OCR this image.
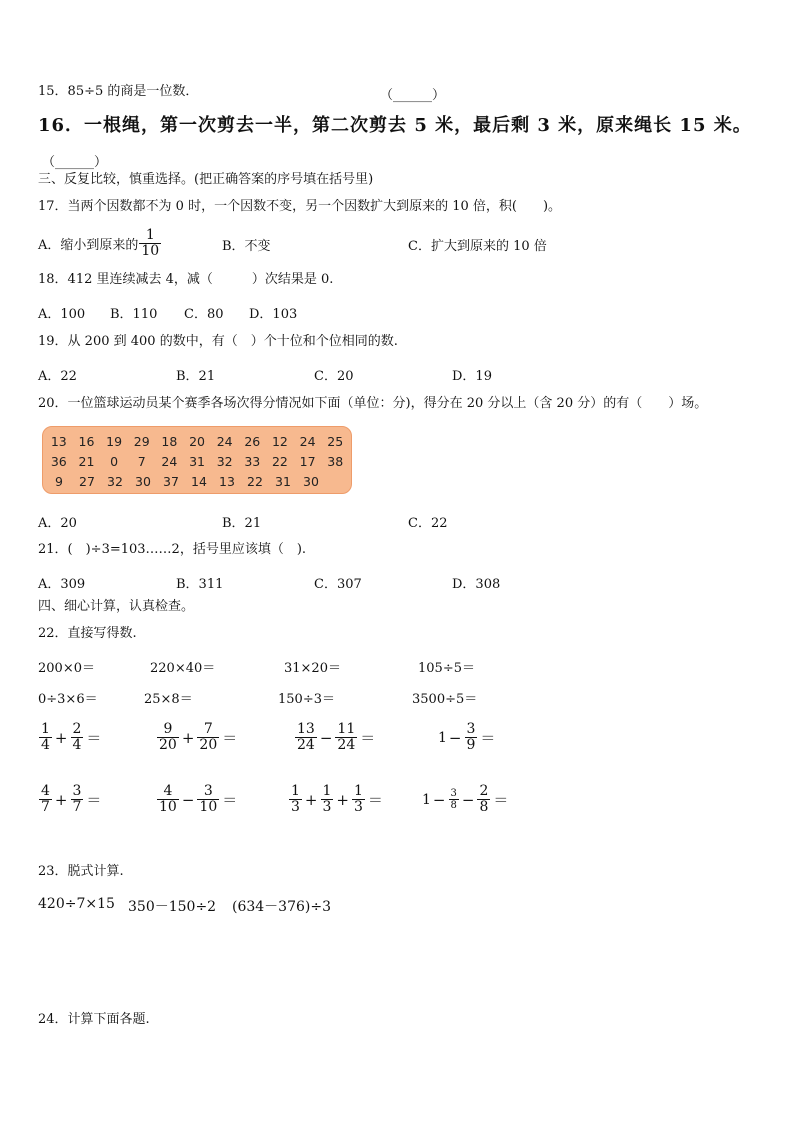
15．85÷5 的商是一位数．	（______）
16．一根绳，第一次剪去一半，第二次剪去 5 米，最后剩 3 米，原来绳长 15 米。
（______）
三、反复比较，慎重选择。(把正确答案的序号填在括号里)
17．当两个因数都不为 0 时，一个因数不变，另一个因数扩大到原来的 10 倍，积(　　)。
A．缩小到原来的 $\frac{1}{10}$	B．不变	C．扩大到原来的 10 倍
18．412 里连续减去 4，减（　　　）次结果是 0.
A．100 B．110 C．80 D．103
19．从 200 到 400 的数中，有（　）个十位和个位相同的数.
A．22	B．21	C．20	D．19
20．一位篮球运动员某个赛季各场次得分情况如下面（单位：分)，得分在 20 分以上（含 20 分）的有（　　）场。
13 16 19 29 18 20 24 26 12 24 25
36 21	0	7	24 31 32 33 22 17 38
9	27 32 30 37 14 13 22 31 30
A．20	B．21	C．22
21．(　)÷3=103……2，括号里应该填（　).
A．309	B．311	C．307	D．308
四、细心计算，认真检查。
22．直接写得数.
200×0＝	220×40＝	31×20＝	105÷5＝
0÷3×6＝	25×8＝	150÷3＝	3500÷5＝
$\frac{1}{4} + \frac{2}{4}$ ＝	$\frac{9}{20} + \frac{7}{20}$ ＝	$\frac{13}{24} - \frac{11}{24}$ ＝	$1 - \frac{3}{9}$ ＝
$\frac{4}{7} + \frac{3}{7}$ ＝	$\frac{4}{10} - \frac{3}{10}$ ＝	$\frac{1}{3} + \frac{1}{3} + \frac{1}{3}$ ＝	$1 - \frac{3}{8} - \frac{2}{8}$ ＝
23．脱式计算.
420÷7×15 350－150÷2 (634－376)÷3
24．计算下面各题.
